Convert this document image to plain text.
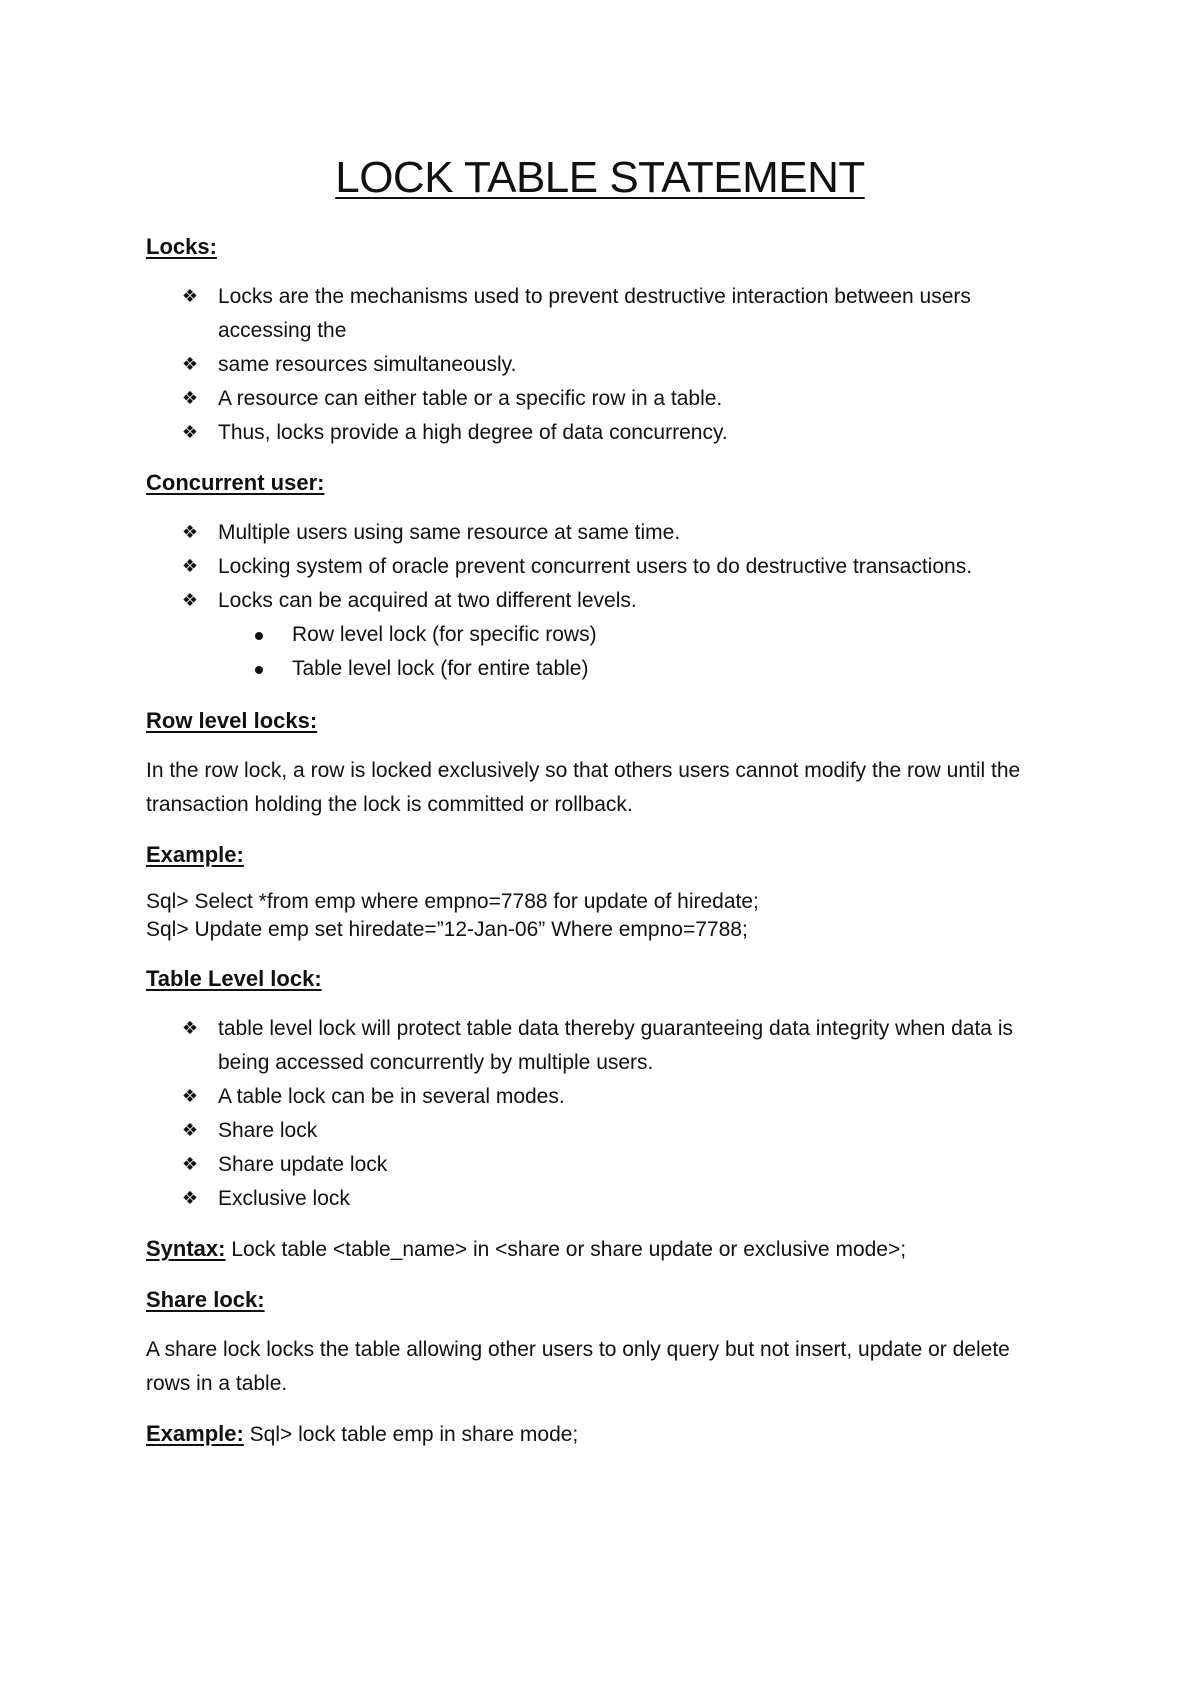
LOCK TABLE STATEMENT

Locks:

❖ Locks are the mechanisms used to prevent destructive interaction between users accessing the
❖ same resources simultaneously.
❖ A resource can either table or a specific row in a table.
❖ Thus, locks provide a high degree of data concurrency.

Concurrent user:

❖ Multiple users using same resource at same time.
❖ Locking system of oracle prevent concurrent users to do destructive transactions.
❖ Locks can be acquired at two different levels.
Row level lock (for specific rows)
Table level lock (for entire table)

Row level locks:

In the row lock, a row is locked exclusively so that others users cannot modify the row until the transaction holding the lock is committed or rollback.

Example:

Sql> Select *from emp where empno=7788 for update of hiredate;

Sql> Update emp set hiredate=”12-Jan-06” Where empno=7788;

Table Level lock:

❖ table level lock will protect table data thereby guaranteeing data integrity when data is being accessed concurrently by multiple users.
❖ A table lock can be in several modes.
❖ Share lock
❖ Share update lock
❖ Exclusive lock

Syntax: Lock table <table_name> in <share or share update or exclusive mode>;

Share lock:

A share lock locks the table allowing other users to only query but not insert, update or delete rows in a table.

Example: Sql> lock table emp in share mode;
